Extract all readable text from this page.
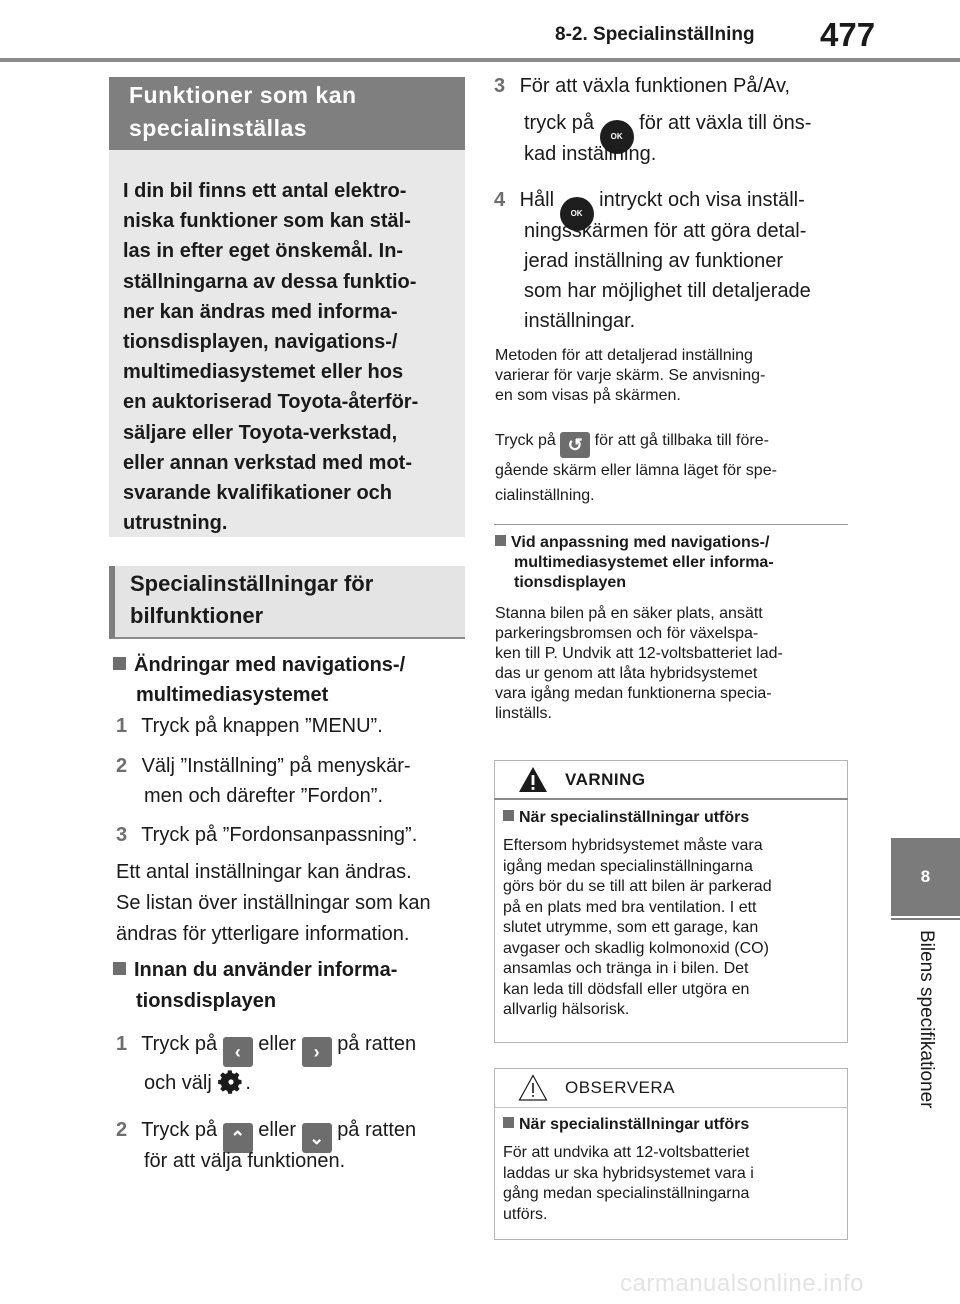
8-2. Specialinställning 477
8
Bilens specifikationer
Funktioner som kan specialinställas
I din bil finns ett antal elektro-
niska funktioner som kan stäl-
las in efter eget önskemål. In-
ställningarna av dessa funktio-
ner kan ändras med informa-
tionsdisplayen, navigations-/
multimediasystemet eller hos
en auktoriserad Toyota-återför-
säljare eller Toyota-verkstad,
eller annan verkstad med mot-
svarande kvalifikationer och
utrustning.
Specialinställningar för bilfunktioner
Ändringar med navigations-/
multimediasystemet
1 Tryck på knappen ”MENU”.
2 Välj ”Inställning” på menyskär-
men och därefter ”Fordon”.
3 Tryck på ”Fordonsanpassning”.
Ett antal inställningar kan ändras.
Se listan över inställningar som kan
ändras för ytterligare information.
Innan du använder informa-
tionsdisplayen
1 Tryck på ‹ eller › på ratten
och välj .
2 Tryck på ⌃ eller ⌄ på ratten
för att välja funktionen.
3 För att växla funktionen På/Av,
tryck på OK för att växla till öns-
kad inställning.
4 Håll OK intryckt och visa inställ-
ningsskärmen för att göra detal-
jerad inställning av funktioner
som har möjlighet till detaljerade
inställningar.
Metoden för att detaljerad inställning
varierar för varje skärm. Se anvisning-
en som visas på skärmen.
Tryck på ↺ för att gå tillbaka till före-
gående skärm eller lämna läget för spe-
cialinställning.
Vid anpassning med navigations-/
multimediasystemet eller informa-
tionsdisplayen
Stanna bilen på en säker plats, ansätt
parkeringsbromsen och för växelspa-
ken till P. Undvik att 12-voltsbatteriet lad-
das ur genom att låta hybridsystemet
vara igång medan funktionerna specia-
linställs.
VARNING
När specialinställningar utförs
Eftersom hybridsystemet måste vara
igång medan specialinställningarna
görs bör du se till att bilen är parkerad
på en plats med bra ventilation. I ett
slutet utrymme, som ett garage, kan
avgaser och skadlig kolmonoxid (CO)
ansamlas och tränga in i bilen. Det
kan leda till dödsfall eller utgöra en
allvarlig hälsorisk.
OBSERVERA
När specialinställningar utförs
För att undvika att 12-voltsbatteriet
laddas ur ska hybridsystemet vara i
gång medan specialinställningarna
utförs.
carmanualsonline.info
